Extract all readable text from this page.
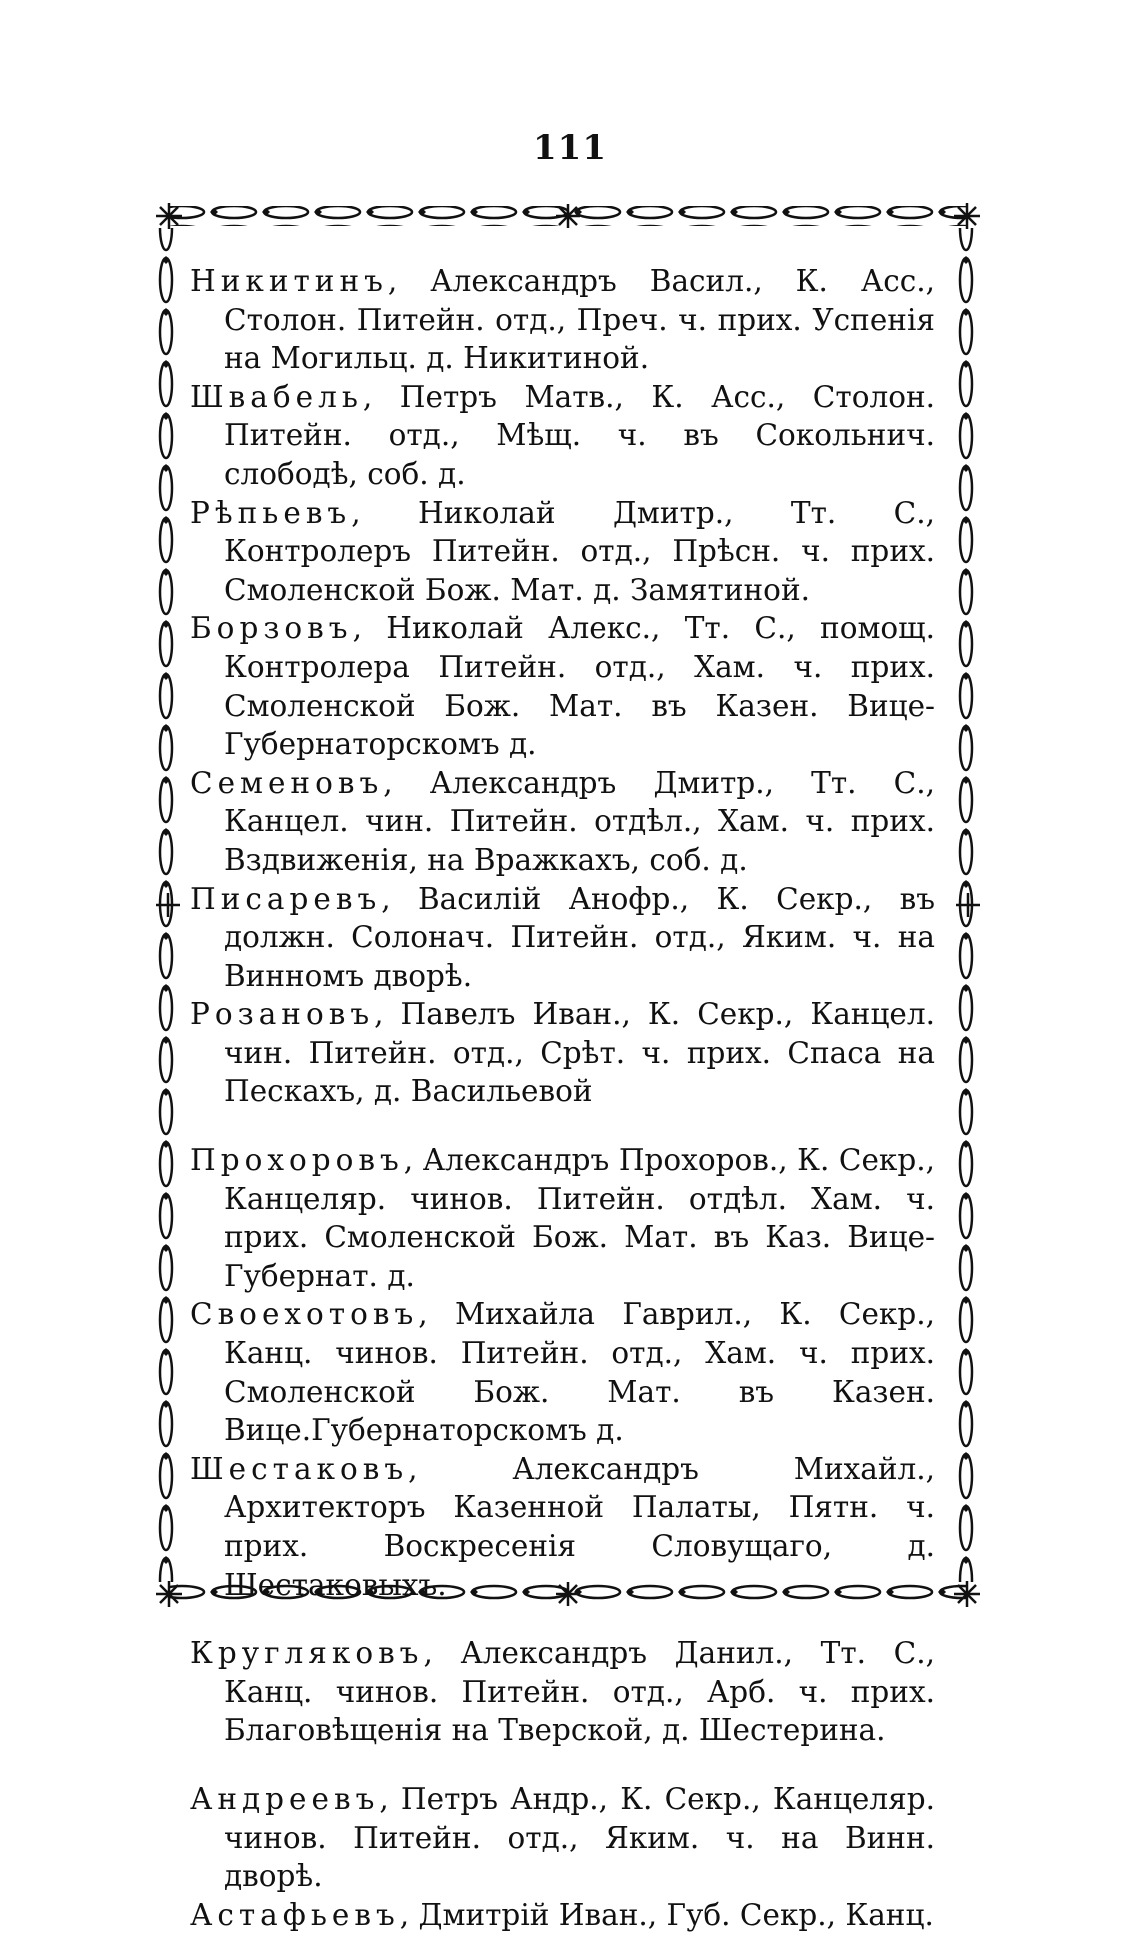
111

Никитинъ, Александръ Васил., К. Асс., Столон. Питейн. отд., Преч. ч. прих. Успенія на Могильц. д. Никитиной.

Швабель, Петръ Матв., К. Асс., Столон. Питейн. отд., Мѣщ. ч. въ Сокольнич. слободѣ, соб. д.

Рѣпьевъ, Николай Дмитр., Тт. С., Контролеръ Питейн. отд., Прѣсн. ч. прих. Смоленской Бож. Мат. д. Замятиной.

Борзовъ, Николай Алекс., Тт. С., помощ. Контролера Питейн. отд., Хам. ч. прих. Смоленской Бож. Мат. въ Казен. Вице-Губернаторскомъ д.

Семеновъ, Александръ Дмитр., Тт. С., Канцел. чин. Питейн. отдѣл., Хам. ч. прих. Вздвиженія, на Вражкахъ, соб. д.

Писаревъ, Василій Анофр., К. Секр., въ должн. Солонач. Питейн. отд., Яким. ч. на Винномъ дворѣ.

Розановъ, Павелъ Иван., К. Секр., Канцел. чин. Питейн. отд., Срѣт. ч. прих. Спаса на Пескахъ, д. Васильевой

Прохоровъ, Александръ Прохоров., К. Секр., Канцеляр. чинов. Питейн. отдѣл. Хам. ч. прих. Смоленской Бож. Мат. въ Каз. Вице-Губернат. д.

Своехотовъ, Михайла Гаврил., К. Секр., Канц. чинов. Питейн. отд., Хам. ч. прих. Смоленской Бож. Мат. въ Казен. Вице.Губернаторскомъ д.

Шестаковъ, Александръ Михайл., Архитекторъ Казенной Палаты, Пятн. ч. прих. Воскресенія Словущаго, д. Шестаковыхъ.

Кругляковъ, Александръ Данил., Тт. С., Канц. чинов. Питейн. отд., Арб. ч. прих. Благовѣщенія на Тверской, д. Шестерина.

Андреевъ, Петръ Андр., К. Секр., Канцеляр. чинов. Питейн. отд., Яким. ч. на Винн. дворѣ.

Астафьевъ, Дмитрій Иван., Губ. Секр., Канц.
